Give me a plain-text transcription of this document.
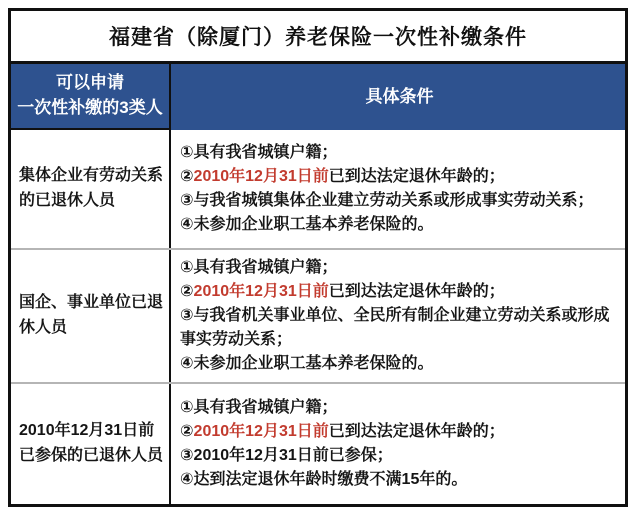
福建省（除厦门）养老保险一次性补缴条件
可以申请
一次性补缴的3类人
具体条件
集体企业有劳动关系的已退休人员
①具有我省城镇户籍；
②2010年12月31日前已到达法定退休年龄的；
③与我省城镇集体企业建立劳动关系或形成事实劳动关系；
④未参加企业职工基本养老保险的。
国企、事业单位已退休人员
①具有我省城镇户籍；
②2010年12月31日前已到达法定退休年龄的；
③与我省机关事业单位、全民所有制企业建立劳动关系或形成事实劳动关系；
④未参加企业职工基本养老保险的。
2010年12月31日前已参保的已退休人员
①具有我省城镇户籍；
②2010年12月31日前已到达法定退休年龄的；
③2010年12月31日前已参保；
④达到法定退休年龄时缴费不满15年的。
